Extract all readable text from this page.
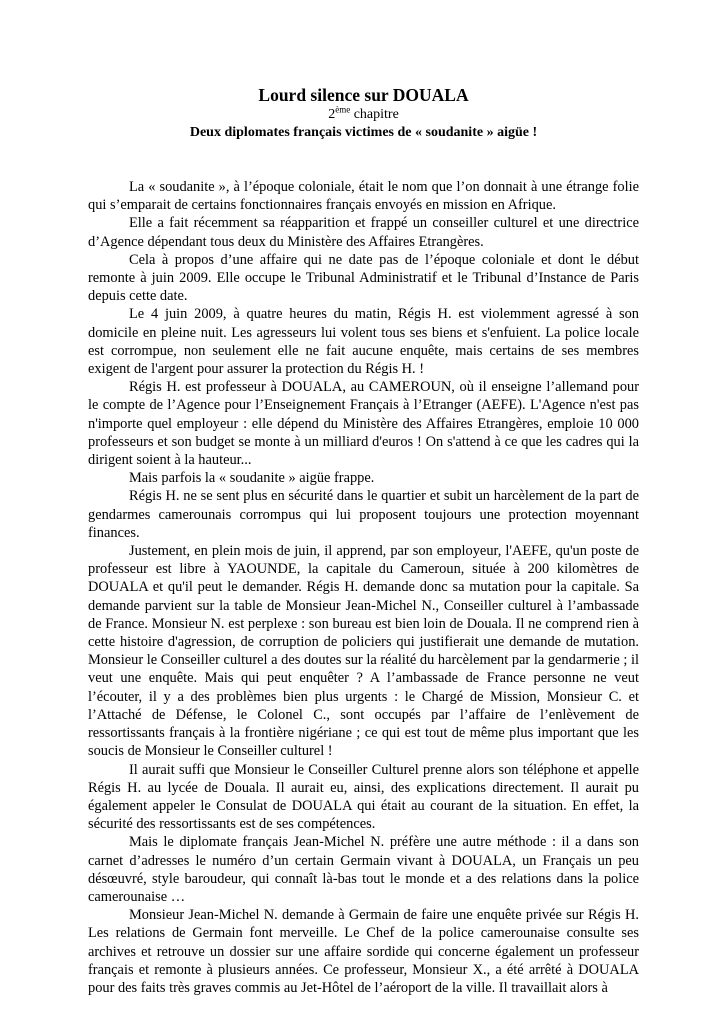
Lourd silence sur DOUALA

2ème chapitre

Deux diplomates français victimes de « soudanite » aigüe !

La « soudanite », à l’époque coloniale, était le nom que l’on donnait à une étrange folie qui s’emparait de certains fonctionnaires français envoyés en mission en Afrique.

Elle a fait récemment sa réapparition et frappé un conseiller culturel et une directrice d’Agence dépendant tous deux du Ministère des Affaires Etrangères.

Cela à propos d’une affaire qui ne date pas de l’époque coloniale et dont le début remonte à juin 2009. Elle occupe le Tribunal Administratif et le Tribunal d’Instance de Paris depuis cette date.

Le 4 juin 2009, à quatre heures du matin, Régis H. est violemment agressé à son domicile en pleine nuit. Les agresseurs lui volent tous ses biens et s'enfuient. La police locale est corrompue, non seulement elle ne fait aucune enquête, mais certains de ses membres exigent de l'argent pour assurer la protection du Régis H. !

Régis H. est professeur à DOUALA, au CAMEROUN, où il enseigne l’allemand pour le compte de l’Agence pour l’Enseignement Français à l’Etranger (AEFE). L'Agence n'est pas n'importe quel employeur : elle dépend du Ministère des Affaires Etrangères, emploie 10 000 professeurs et son budget se monte à un milliard d'euros ! On s'attend à ce que les cadres qui la dirigent soient à la hauteur...

Mais parfois la « soudanite » aigüe frappe.

Régis H. ne se sent plus en sécurité dans le quartier et subit un harcèlement de la part de gendarmes camerounais corrompus qui lui proposent toujours une protection moyennant finances.

Justement, en plein mois de juin, il apprend, par son employeur, l'AEFE, qu'un poste de professeur est libre à YAOUNDE, la capitale du Cameroun, située à 200 kilomètres de DOUALA et qu'il peut le demander. Régis H. demande donc sa mutation pour la capitale. Sa demande parvient sur la table de Monsieur Jean-Michel N., Conseiller culturel à l’ambassade de France. Monsieur N. est perplexe : son bureau est bien loin de Douala. Il ne comprend rien à cette histoire d'agression, de corruption de policiers qui justifierait une demande de mutation. Monsieur le Conseiller culturel a des doutes sur la réalité du harcèlement par la gendarmerie ; il veut une enquête. Mais qui peut enquêter ? A l’ambassade de France personne ne veut l’écouter, il y a des problèmes bien plus urgents : le Chargé de Mission, Monsieur C. et l’Attaché de Défense, le Colonel C., sont occupés par l’affaire de l’enlèvement de ressortissants français à la frontière nigériane ; ce qui est tout de même plus important que les soucis de Monsieur le Conseiller culturel !

Il aurait suffi que Monsieur le Conseiller Culturel prenne alors son téléphone et appelle Régis H. au lycée de Douala. Il aurait eu, ainsi, des explications directement. Il aurait pu également appeler le Consulat de DOUALA qui était au courant de la situation. En effet, la sécurité des ressortissants est de ses compétences.

Mais le diplomate français Jean-Michel N. préfère une autre méthode : il a dans son carnet d’adresses le numéro d’un certain Germain vivant à DOUALA, un Français un peu désœuvré, style baroudeur, qui connaît là-bas tout le monde et a des relations dans la police camerounaise …

Monsieur Jean-Michel N. demande à Germain de faire une enquête privée sur Régis H. Les relations de Germain font merveille. Le Chef de la police camerounaise consulte ses archives et retrouve un dossier sur une affaire sordide qui concerne également un professeur français et remonte à plusieurs années. Ce professeur, Monsieur X., a été arrêté à DOUALA pour des faits très graves commis au Jet-Hôtel de l’aéroport de la ville. Il travaillait alors à
